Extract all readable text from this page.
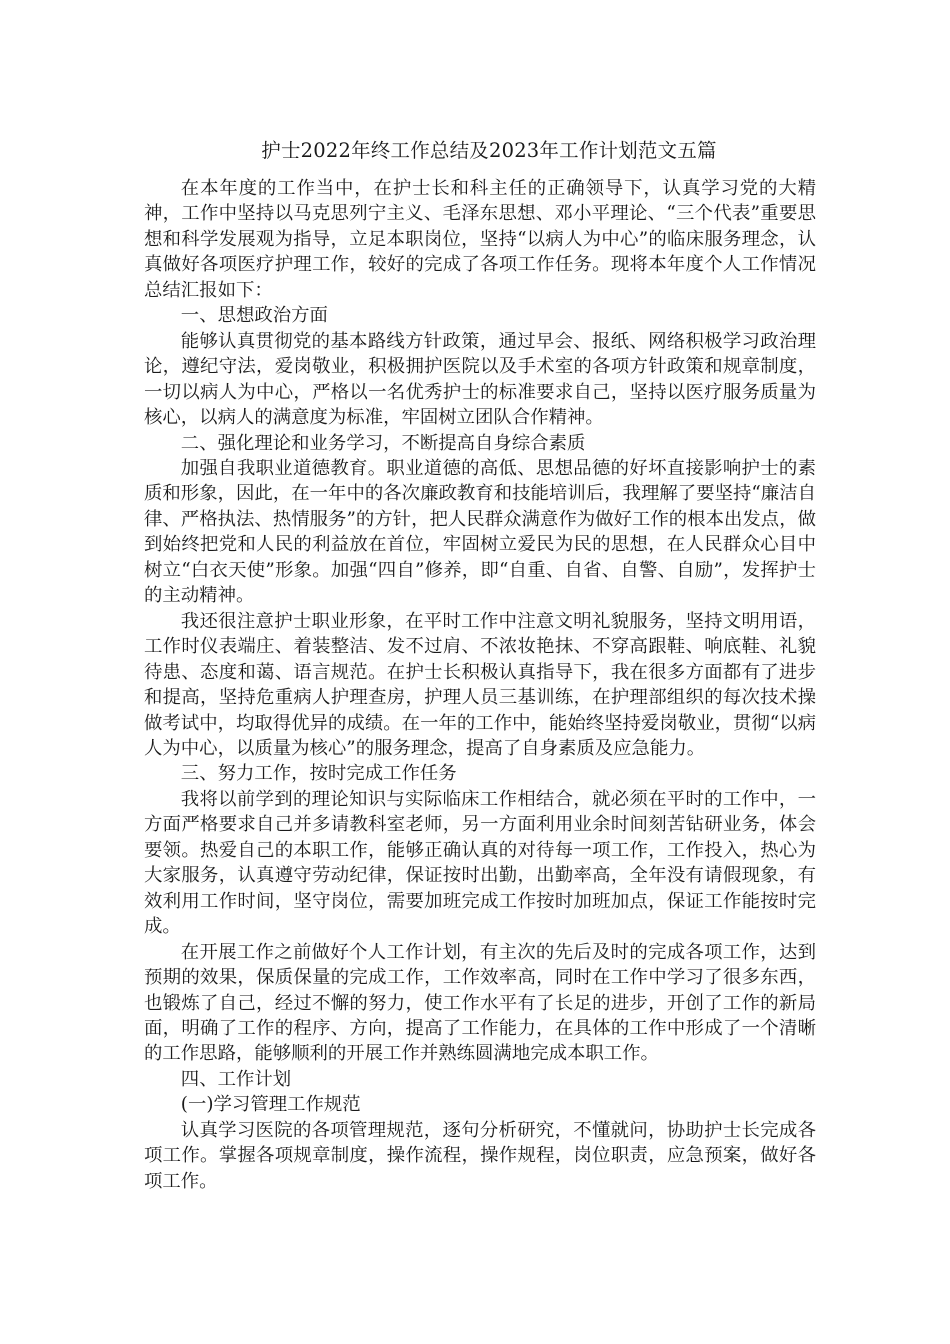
护士2022年终工作总结及2023年工作计划范文五篇

在本年度的工作当中，在护士长和科主任的正确领导下，认真学习党的大精神，工作中坚持以马克思列宁主义、毛泽东思想、邓小平理论、“三个代表”重要思想和科学发展观为指导，立足本职岗位，坚持“以病人为中心”的临床服务理念，认真做好各项医疗护理工作，较好的完成了各项工作任务。现将本年度个人工作情况总结汇报如下：

一、思想政治方面

能够认真贯彻党的基本路线方针政策，通过早会、报纸、网络积极学习政治理论，遵纪守法，爱岗敬业，积极拥护医院以及手术室的各项方针政策和规章制度，一切以病人为中心，严格以一名优秀护士的标准要求自己，坚持以医疗服务质量为核心，以病人的满意度为标准，牢固树立团队合作精神。

二、强化理论和业务学习，不断提高自身综合素质

加强自我职业道德教育。职业道德的高低、思想品德的好坏直接影响护士的素质和形象，因此，在一年中的各次廉政教育和技能培训后，我理解了要坚持“廉洁自律、严格执法、热情服务”的方针，把人民群众满意作为做好工作的根本出发点，做到始终把党和人民的利益放在首位，牢固树立爱民为民的思想，在人民群众心目中树立“白衣天使”形象。加强“四自”修养，即“自重、自省、自警、自励”，发挥护士的主动精神。

我还很注意护士职业形象，在平时工作中注意文明礼貌服务，坚持文明用语，工作时仪表端庄、着装整洁、发不过肩、不浓妆艳抹、不穿高跟鞋、响底鞋、礼貌待患、态度和蔼、语言规范。在护士长积极认真指导下，我在很多方面都有了进步和提高，坚持危重病人护理查房，护理人员三基训练，在护理部组织的每次技术操做考试中，均取得优异的成绩。在一年的工作中，能始终坚持爱岗敬业，贯彻“以病人为中心，以质量为核心”的服务理念，提高了自身素质及应急能力。

三、努力工作，按时完成工作任务

我将以前学到的理论知识与实际临床工作相结合，就必须在平时的工作中，一方面严格要求自己并多请教科室老师，另一方面利用业余时间刻苦钻研业务，体会要领。热爱自己的本职工作，能够正确认真的对待每一项工作，工作投入，热心为大家服务，认真遵守劳动纪律，保证按时出勤，出勤率高，全年没有请假现象，有效利用工作时间，坚守岗位，需要加班完成工作按时加班加点，保证工作能按时完成。

在开展工作之前做好个人工作计划，有主次的先后及时的完成各项工作，达到预期的效果，保质保量的完成工作，工作效率高，同时在工作中学习了很多东西，也锻炼了自己，经过不懈的努力，使工作水平有了长足的进步，开创了工作的新局面，明确了工作的程序、方向，提高了工作能力，在具体的工作中形成了一个清晰的工作思路，能够顺利的开展工作并熟练圆满地完成本职工作。

四、工作计划

(一)学习管理工作规范

认真学习医院的各项管理规范，逐句分析研究，不懂就问，协助护士长完成各项工作。掌握各项规章制度，操作流程，操作规程，岗位职责，应急预案，做好各项工作。
